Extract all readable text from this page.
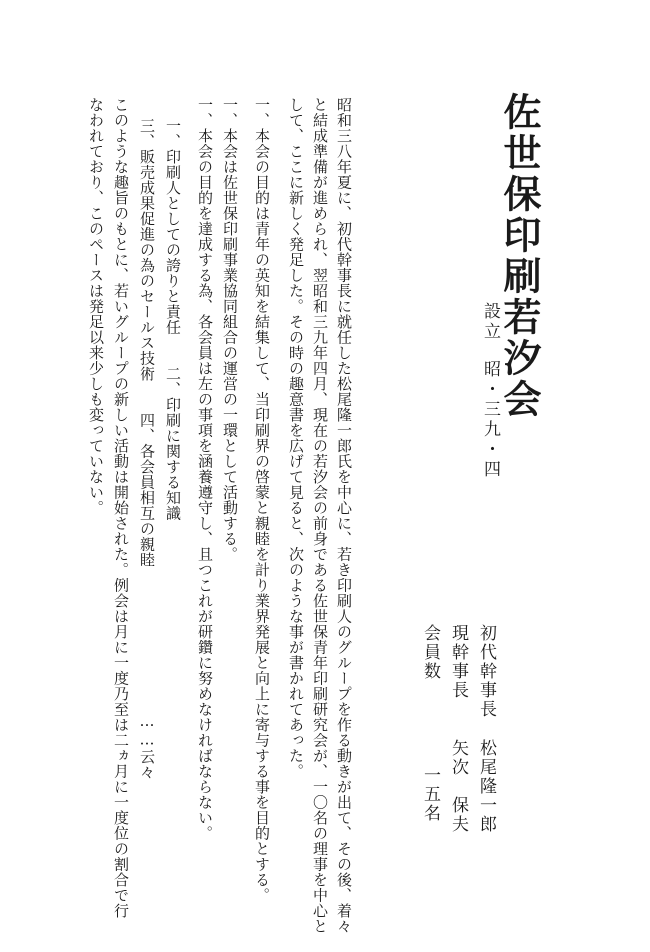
佐世保印刷若汐会
設立昭・三九・四
初代幹事長
松尾隆一郎
現幹事長
矢次　保夫
会員数
一五名
昭和三八年夏に、初代幹事長に就任した松尾隆一郎氏を中心に、若き印刷人のグループを作る動きが出て、その後、着々
と結成準備が進められ、翌昭和三九年四月、現在の若汐会の前身である佐世保青年印刷研究会が、一〇名の理事を中心と
して、ここに新しく発足した。その時の趣意書を広げて見ると、次のような事が書かれてあった。
一、本会の目的は青年の英知を結集して、当印刷界の啓蒙と親睦を計り業界発展と向上に寄与する事を目的とする。
一、本会は佐世保印刷事業協同組合の運営の一環として活動する。
一、本会の目的を達成する為、各会員は左の事項を涵養遵守し、且つこれが研鑽に努めなければならない。
一、印刷人としての誇りと責任　　二、印刷に関する知識
三、販売成果促進の為のセールス技術　　四、各会員相互の親睦
……云々
このような趣旨のもとに、若いグループの新しい活動は開始された。例会は月に一度乃至は二ヵ月に一度位の割合で行
なわれており、このペースは発足以来少しも変っていない。
